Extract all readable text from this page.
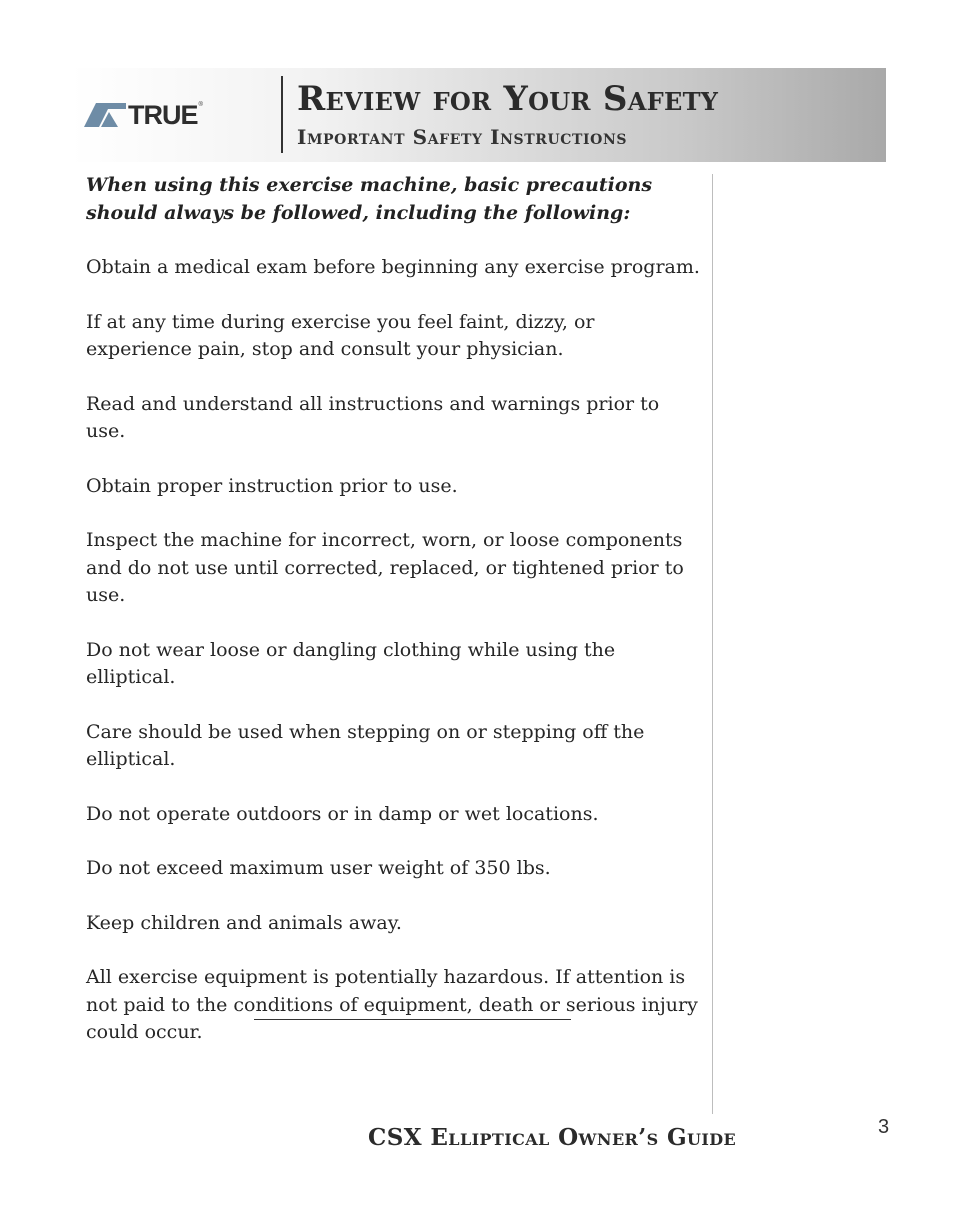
TRUE ®	Review for Your Safety
Important Safety Instructions

When using this exercise machine, basic precautions should always be followed, including the following:

Obtain a medical exam before beginning any exercise program.

If at any time during exercise you feel faint, dizzy, or experience pain, stop and consult your physician.

Read and understand all instructions and warnings prior to use.

Obtain proper instruction prior to use.

Inspect the machine for incorrect, worn, or loose components and do not use until corrected, replaced, or tightened prior to use.

Do not wear loose or dangling clothing while using the elliptical.

Care should be used when stepping on or stepping off the elliptical.

Do not operate outdoors or in damp or wet locations.

Do not exceed maximum user weight of 350 lbs.

Keep children and animals away.

All exercise equipment is potentially hazardous. If attention is not paid to the conditions of equipment, death or serious injury could occur.

CSX Elliptical Owner’s Guide	3
